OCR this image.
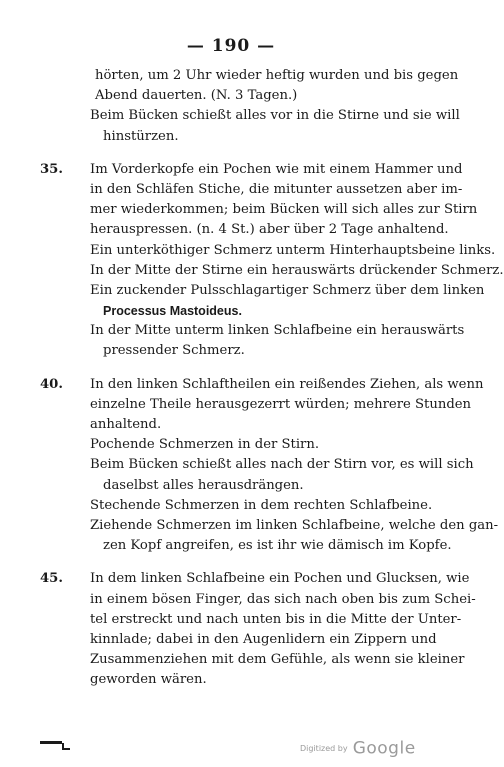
— 190 —
hörten, um 2 Uhr wieder heftig wurden und bis gegen
Abend dauerten. (N. 3 Tagen.)
Beim Bücken schießt alles vor in die Stirne und sie will
hinstürzen.
35. Im Vorderkopfe ein Pochen wie mit einem Hammer und
in den Schläfen Stiche, die mitunter aussetzen aber im-
mer wiederkommen; beim Bücken will sich alles zur Stirn
herauspressen. (n. 4 St.) aber über 2 Tage anhaltend.
Ein unterköthiger Schmerz unterm Hinterhauptsbeine links.
In der Mitte der Stirne ein herauswärts drückender Schmerz.
Ein zuckender Pulsschlagartiger Schmerz über dem linken
Processus Mastoideus.
In der Mitte unterm linken Schlafbeine ein herauswärts
pressender Schmerz.
40. In den linken Schlaftheilen ein reißendes Ziehen, als wenn
einzelne Theile herausgezerrt würden; mehrere Stunden
anhaltend.
Pochende Schmerzen in der Stirn.
Beim Bücken schießt alles nach der Stirn vor, es will sich
daselbst alles herausdrängen.
Stechende Schmerzen in dem rechten Schlafbeine.
Ziehende Schmerzen im linken Schlafbeine, welche den gan-
zen Kopf angreifen, es ist ihr wie dämisch im Kopfe.
45. In dem linken Schlafbeine ein Pochen und Glucksen, wie
in einem bösen Finger, das sich nach oben bis zum Schei-
tel erstreckt und nach unten bis in die Mitte der Unter-
kinnlade; dabei in den Augenlidern ein Zippern und
Zusammenziehen mit dem Gefühle, als wenn sie kleiner
geworden wären.
Digitized by Google
